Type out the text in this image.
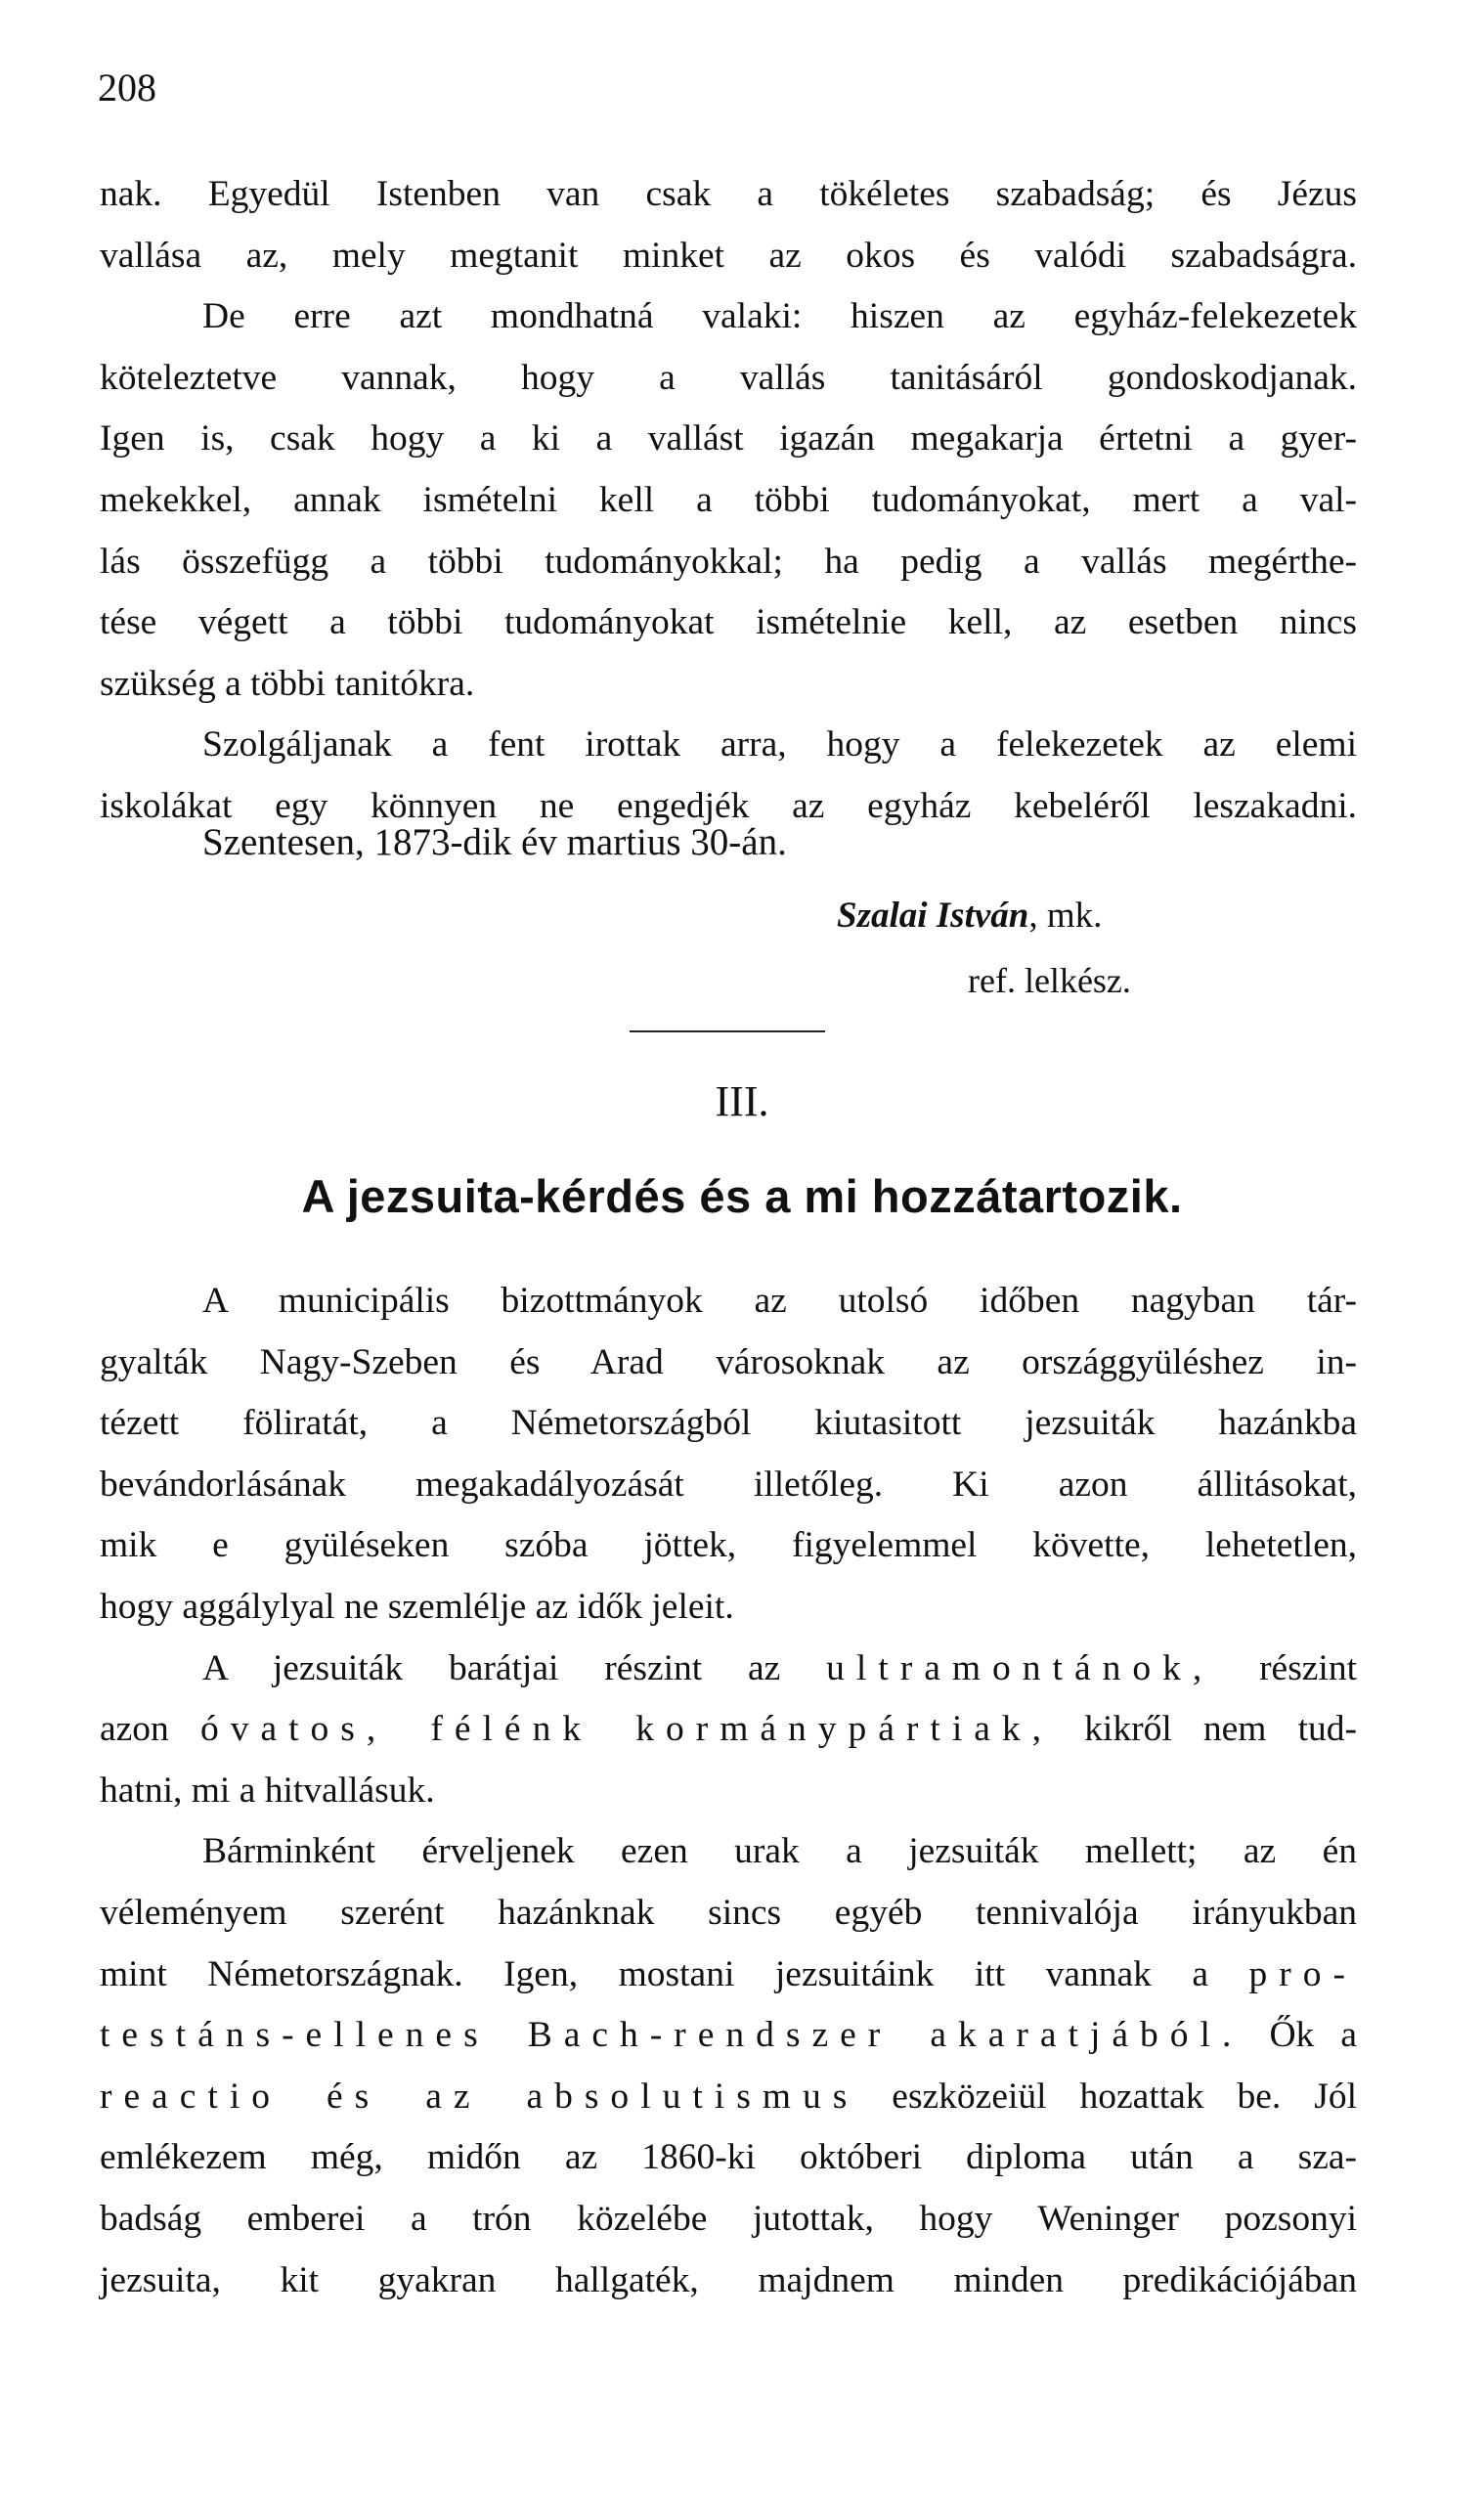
208

nak. Egyedül Istenben van csak a tökéletes szabadság; és Jézus

vallása az, mely megtanit minket az okos és valódi szabadságra.

De erre azt mondhatná valaki: hiszen az egyház-felekezetek

köteleztetve vannak, hogy a vallás tanitásáról gondoskodjanak.

Igen is, csak hogy a ki a vallást igazán megakarja értetni a gyer-

mekekkel, annak ismételni kell a többi tudományokat, mert a val-

lás összefügg a többi tudományokkal; ha pedig a vallás megérthe-

tése végett a többi tudományokat ismételnie kell, az esetben nincs

szükség a többi tanitókra.

Szolgáljanak a fent irottak arra, hogy a felekezetek az elemi

iskolákat egy könnyen ne engedjék az egyház kebeléről leszakadni.

Szentesen, 1873-dik év martius 30-án.
Szalai István, mk.
ref. lelkész.
III.
A jezsuita-kérdés és a mi hozzátartozik.

A municipális bizottmányok az utolsó időben nagyban tár-

gyalták Nagy-Szeben és Arad városoknak az országgyüléshez in-

tézett föliratát, a Németországból kiutasitott jezsuiták hazánkba

bevándorlásának megakadályozását illetőleg. Ki azon állitásokat,

mik e gyüléseken szóba jöttek, figyelemmel követte, lehetetlen,

hogy aggálylyal ne szemlélje az idők jeleit.

A jezsuiták barátjai részint az ultramontánok, részint

azon óvatos, félénk kormánypártiak, kikről nem tud-

hatni, mi a hitvallásuk.

Bárminként érveljenek ezen urak a jezsuiták mellett; az én

véleményem szerént hazánknak sincs egyéb tennivalója irányukban

mint Németországnak. Igen, mostani jezsuitáink itt vannak a pro-

testáns-ellenes Bach-rendszer akaratjából. Ők a

reactio és az absolutismus eszközeiül hozattak be. Jól

emlékezem még, midőn az 1860-ki októberi diploma után a sza-

badság emberei a trón közelébe jutottak, hogy Weninger pozsonyi

jezsuita, kit gyakran hallgaték, majdnem minden predikációjában
